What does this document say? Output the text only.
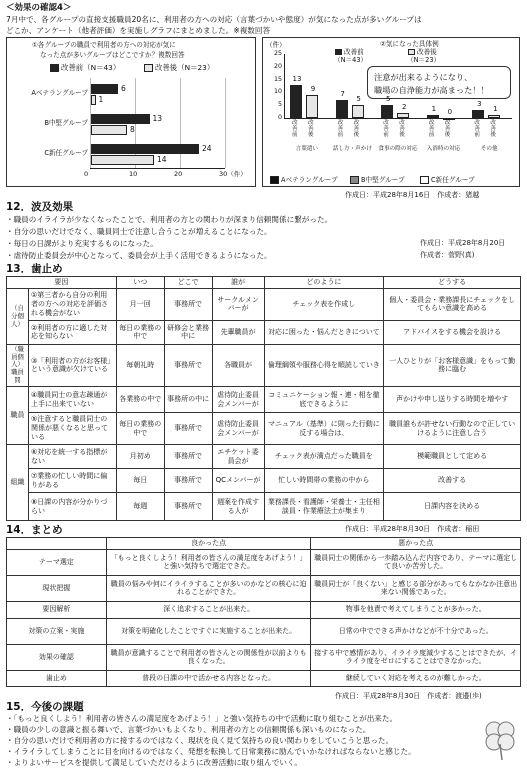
＜効果の確認4＞
7月中で、各グループの直接支援職員20名に、利用者の方への対応（言葉づかいや態度）が気になった点が多いグループは
どこか、アンケート（他者評価）を実施しグラフにまとめました。※複数回答
①各グループの職員で利用者の方への対応が気に
なった点が多いグループはどこですか？複数回答
改善前（N＝43）	改善後（N＝23）
0	10	20	30（件）
Aベテラングループ	6
1
B中堅グループ	13
8
C新任グループ	24
14
（件）	②気になった具体例
改善前	改善後
（N＝43）	（N＝23）
注意が出来るようになり、
職場の自浄能力が高まった！！
0
5
10
15
20
25
13
改善前
9
改善後
言葉遣い
7
改善前
5
改善後
話し方・声かけ
5
改善前
2
改善後
食事の際の対応
1
改善前
0
改善後
入浴時の対応
3
改善前
1
改善後
その他
Aベテラングループ	B中堅グループ	C新任グループ
作成日：平成28年8月16日　作成者：猪越
12．波及効果
・職員のイライラが少なくなったことで、利用者の方との関わりが深まり信頼関係に繋がった。
・自分の思いだけでなく、職員同士で注意し合うことが増えることになった。
・毎日の日課がより充実するものになった。
・虐待防止委員会が中心となって、委員会が上手く活用できるようになった。
作成日：平成28年8月20日
作成者：菅野(真)
13．歯止め
要因		いつ	どこで	誰が	どのように	どうする
（自分個人）	①第三者から自分の利用者の方への対応を評価される機会がない	月一回	事務所で	サークルメンバーが	チェック表を作成し	個人・委員会・業務課長にチェックをしてもらい意識を高める
	②利用者の方に適した対応を知らない	毎日の業務の中で	研修会と業務中に	先輩職員が	対応に困った・悩んだときについて	アドバイスをする機会を設ける
（職員個人）職員間	③「利用者の方がお客様」という意識が欠けている	毎朝礼時	事務所で	各職員が	倫理綱領や服務心得を順読していき	一人ひとりが「お客様意識」をもって勤務に臨む
職員	④職員同士の意志疎通が上手に出来ていない	各業務の中で	事務所の中に	虐待防止委員会メンバーが	コミュニケーション報・連・相を徹底できるように	声かけや申し送りする時間を増やす
	⑤注意すると職員同士の関係が悪くなると思っている	毎日の業務の中で	事務所で	虐待防止委員会メンバーが	マニュアル（基準）に則った行動に反する場合は、	職員誰もが許せない行動なので正していけるように注意し合う
組織	⑥対応を統一する指標がない	月初め	事務所で	エチケット委員会が	チェック表が満点だった職員を	模範職員として定める
	⑦業務の忙しい時間に偏りがある	毎日	事務所で	QCメンバーが	忙しい時間帯の業務の中から	改善する
	⑧日課の内容が分かりづらい	毎週	事務所で	週案を作成する人が	業務課長・看護師・栄養士・主任相談員・作業療法士が集まり	日課内容を決める
作成日：平成28年8月30日　作成者：稲田
14．まとめ
	良かった点	悪かった点
テーマ選定	「もっと良くしよう！利用者の皆さんの満足度をあげよう！」と強い気持ちで選定できた。	職員同士の関係から一歩踏み込んだ内容であり、テーマに選定して良いか苦労した。
現状把握	職員の悩みや何にイライラすることが多いのかなどの核心に迫れることができた。	職員同士が「良くない」と感じる部分があってもなかなか注意出来ない関係であった。
要因解析	深く追求することが出来た。	物事を他責で考えてしまうことが多かった。
対策の立案・実施	対策を明確化したことですぐに実施することが出来た。	日常の中でできる声かけなどが不十分であった。
効果の確認	職員が意識することで利用者の皆さんとの関係性が以前よりも良くなった。	接する中で感情があり、イライラ度減少することはできたが、イライラ度をゼロにすることはできなかった。
歯止め	普段の日課の中で活かせる内容となった。	継続していく対応を考えるのが難しかった。
作成日：平成28年8月30日　作成者：渡邉(歩)
15．今後の課題
・「もっと良くしよう！利用者の皆さんの満足度をあげよう！」と強い気持ちの中で活動に取り組むことが出来た。
・職員の少しの意識と振る舞いで、言葉づかいもよくなり、利用者の方との信頼関係も深いものになった。
・自分の思いだけで利用者の方に接するのではなく、現状を良く見て気持ちの良い関わりをしていこうと思った。
・イライラしてしまうことに目を向けるのではなく、発想を転換して日常業務に励んでいかなければならないと感じた。
・よりよいサービスを提供して満足していただけるように改善活動に取り組んでいく。
